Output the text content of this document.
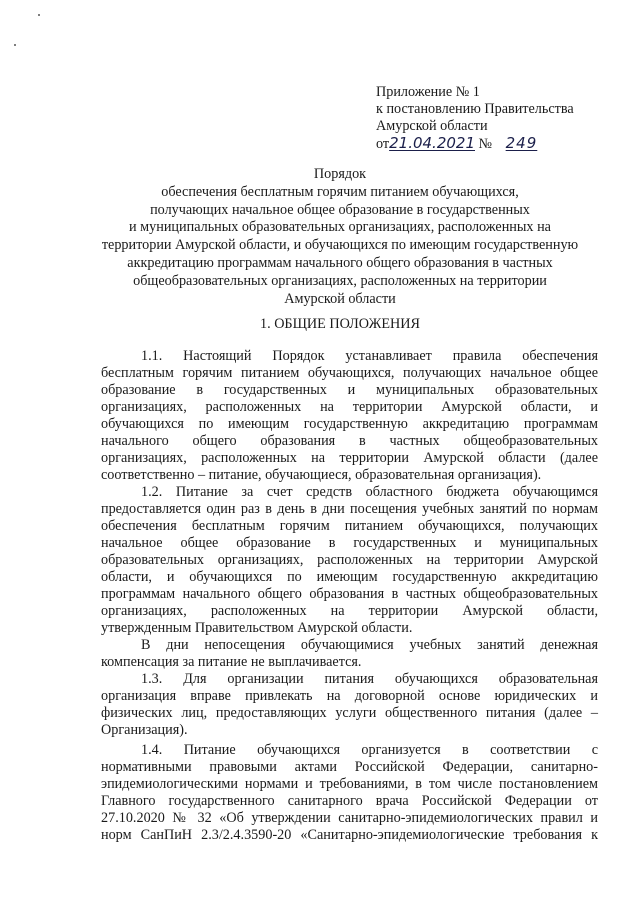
Приложение № 1
к постановлению Правительства
Амурской области
от21.04.2021 № 249
Порядок
обеспечения бесплатным горячим питанием обучающихся,
получающих начальное общее образование в государственных
и муниципальных образовательных организациях, расположенных на
территории Амурской области, и обучающихся по имеющим государственную
аккредитацию программам начального общего образования в частных
общеобразовательных организациях, расположенных на территории
Амурской области
1. ОБЩИЕ ПОЛОЖЕНИЯ
1.1. Настоящий Порядок устанавливает правила обеспечения
бесплатным горячим питанием обучающихся, получающих начальное общее
образование в государственных и муниципальных образовательных
организациях, расположенных на территории Амурской области, и
обучающихся по имеющим государственную аккредитацию программам
начального общего образования в частных общеобразовательных
организациях, расположенных на территории Амурской области (далее
соответственно – питание, обучающиеся, образовательная организация).
1.2. Питание за счет средств областного бюджета обучающимся
предоставляется один раз в день в дни посещения учебных занятий по нормам
обеспечения бесплатным горячим питанием обучающихся, получающих
начальное общее образование в государственных и муниципальных
образовательных организациях, расположенных на территории Амурской
области, и обучающихся по имеющим государственную аккредитацию
программам начального общего образования в частных общеобразовательных
организациях, расположенных на территории Амурской области,
утвержденным Правительством Амурской области.
В дни непосещения обучающимися учебных занятий денежная
компенсация за питание не выплачивается.
1.3. Для организации питания обучающихся образовательная
организация вправе привлекать на договорной основе юридических и
физических лиц, предоставляющих услуги общественного питания (далее –
Организация).
1.4. Питание обучающихся организуется в соответствии с
нормативными правовыми актами Российской Федерации, санитарно-
эпидемиологическими нормами и требованиями, в том числе постановлением
Главного государственного санитарного врача Российской Федерации от
27.10.2020 № 32 «Об утверждении санитарно-эпидемиологических правил и
норм СанПиН 2.3/2.4.3590-20 «Санитарно-эпидемиологические требования к
